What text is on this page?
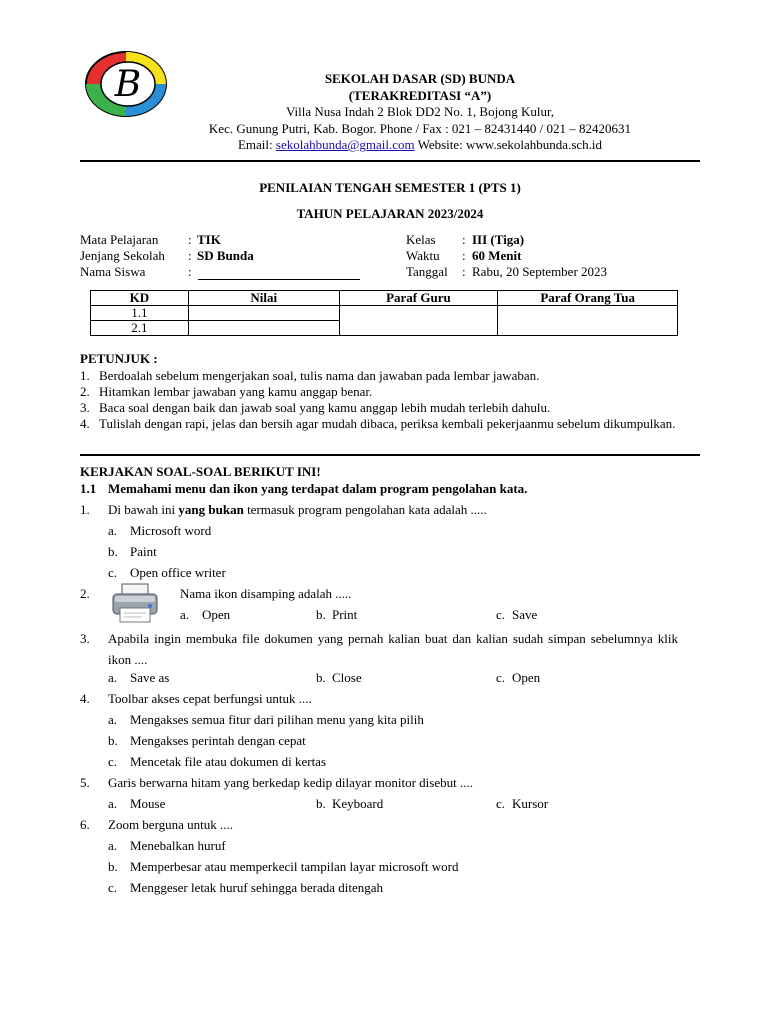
B	SEKOLAH DASAR (SD) BUNDA
(TERAKREDITASI “A”)
Villa Nusa Indah 2 Blok DD2 No. 1, Bojong Kulur,
Kec. Gunung Putri, Kab. Bogor. Phone / Fax : 021 – 82431440 / 021 – 82420631
Email: sekolahbunda@gmail.com Website: www.sekolahbunda.sch.id
PENILAIAN TENGAH SEMESTER 1 (PTS 1)
TAHUN PELAJARAN 2023/2024
Mata Pelajaran : TIK
Jenjang Sekolah : SD Bunda
Nama Siswa	:
Kelas : III (Tiga)
Waktu : 60 Menit
Tanggal : Rabu, 20 September 2023
KD	Nilai	Paraf Guru	Paraf Orang Tua
1.1			
2.1			
PETUNJUK :
1. Berdoalah sebelum mengerjakan soal, tulis nama dan jawaban pada lembar jawaban.
2. Hitamkan lembar jawaban yang kamu anggap benar.
3. Baca soal dengan baik dan jawab soal yang kamu anggap lebih mudah terlebih dahulu.
4. Tulislah dengan rapi, jelas dan bersih agar mudah dibaca, periksa kembali pekerjaanmu sebelum dikumpulkan.
KERJAKAN SOAL-SOAL BERIKUT INI!
1.1 Memahami menu dan ikon yang terdapat dalam program pengolahan kata.
1. Di bawah ini yang bukan termasuk program pengolahan kata adalah .....
a. Microsoft word
b. Paint
c. Open office writer
2.	Nama ikon disamping adalah .....
a. Open	b. Print	c. Save
3. Apabila ingin membuka file dokumen yang pernah kalian buat dan kalian sudah simpan sebelumnya klik ikon ....
a. Save as	b. Close	c. Open
4. Toolbar akses cepat berfungsi untuk ....
a. Mengakses semua fitur dari pilihan menu yang kita pilih
b. Mengakses perintah dengan cepat
c. Mencetak file atau dokumen di kertas
5. Garis berwarna hitam yang berkedap kedip dilayar monitor disebut ....
a. Mouse	b. Keyboard	c. Kursor
6. Zoom berguna untuk ....
a. Menebalkan huruf
b. Memperbesar atau memperkecil tampilan layar microsoft word
c. Menggeser letak huruf sehingga berada ditengah
